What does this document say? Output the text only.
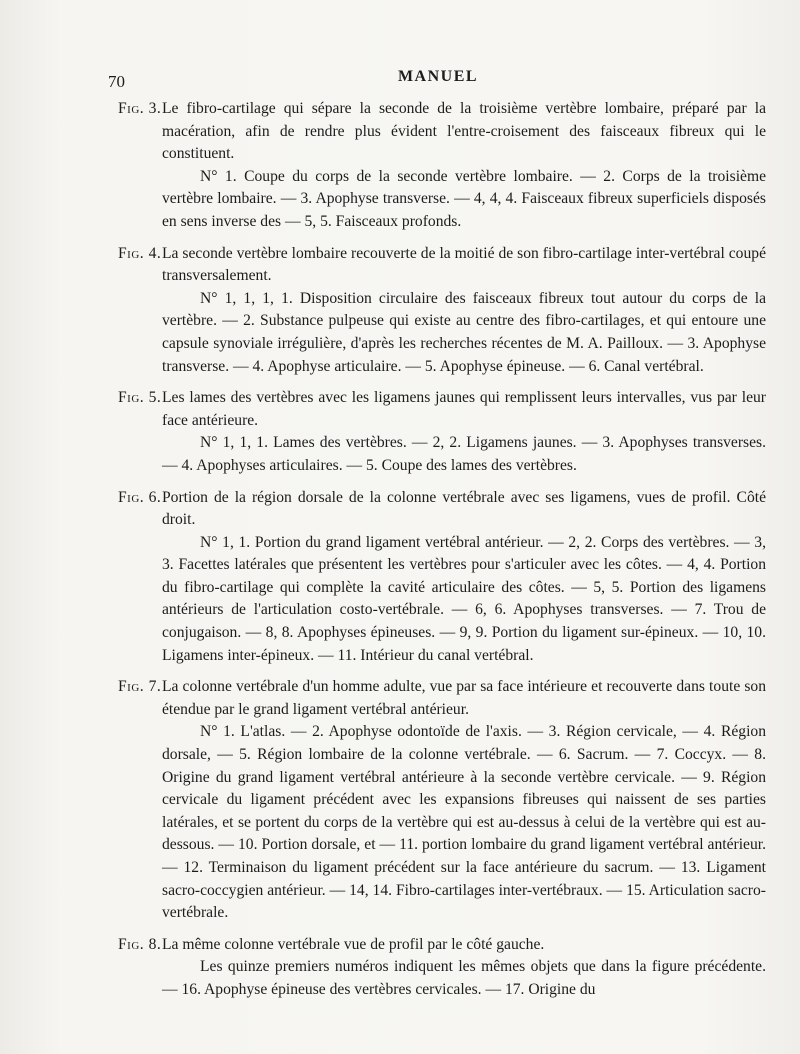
70	MANUEL

Fig. 3.Le fibro-cartilage qui sépare la seconde de la troisième vertèbre lombaire, préparé par la macération, afin de rendre plus évident l'entre-croisement des faisceaux fibreux qui le constituent.

N° 1. Coupe du corps de la seconde vertèbre lombaire. — 2. Corps de la troisième vertèbre lombaire. — 3. Apophyse transverse. — 4, 4, 4. Faisceaux fibreux superficiels disposés en sens inverse des — 5, 5. Faisceaux profonds.

Fig. 4.La seconde vertèbre lombaire recouverte de la moitié de son fibro-cartilage inter-vertébral coupé transversalement.

N° 1, 1, 1, 1. Disposition circulaire des faisceaux fibreux tout autour du corps de la vertèbre. — 2. Substance pulpeuse qui existe au centre des fibro-cartilages, et qui entoure une capsule synoviale irrégulière, d'après les recherches récentes de M. A. Pailloux. — 3. Apophyse transverse. — 4. Apophyse articulaire. — 5. Apophyse épineuse. — 6. Canal vertébral.

Fig. 5.Les lames des vertèbres avec les ligamens jaunes qui remplissent leurs intervalles, vus par leur face antérieure.

N° 1, 1, 1. Lames des vertèbres. — 2, 2. Ligamens jaunes. — 3. Apophyses transverses. — 4. Apophyses articulaires. — 5. Coupe des lames des vertèbres.

Fig. 6.Portion de la région dorsale de la colonne vertébrale avec ses ligamens, vues de profil. Côté droit.

N° 1, 1. Portion du grand ligament vertébral antérieur. — 2, 2. Corps des vertèbres. — 3, 3. Facettes latérales que présentent les vertèbres pour s'articuler avec les côtes. — 4, 4. Portion du fibro-cartilage qui complète la cavité articulaire des côtes. — 5, 5. Portion des ligamens antérieurs de l'articulation costo-vertébrale. — 6, 6. Apophyses transverses. — 7. Trou de conjugaison. — 8, 8. Apophyses épineuses. — 9, 9. Portion du ligament sur-épineux. — 10, 10. Ligamens inter-épineux. — 11. Intérieur du canal vertébral.

Fig. 7.La colonne vertébrale d'un homme adulte, vue par sa face intérieure et recouverte dans toute son étendue par le grand ligament vertébral antérieur.

N° 1. L'atlas. — 2. Apophyse odontoïde de l'axis. — 3. Région cervicale, — 4. Région dorsale, — 5. Région lombaire de la colonne vertébrale. — 6. Sacrum. — 7. Coccyx. — 8. Origine du grand ligament vertébral antérieure à la seconde vertèbre cervicale. — 9. Région cervicale du ligament précédent avec les expansions fibreuses qui naissent de ses parties latérales, et se portent du corps de la vertèbre qui est au-dessus à celui de la vertèbre qui est au-dessous. — 10. Portion dorsale, et — 11. portion lombaire du grand ligament vertébral antérieur. — 12. Terminaison du ligament précédent sur la face antérieure du sacrum. — 13. Ligament sacro-coccygien antérieur. — 14, 14. Fibro-cartilages inter-vertébraux. — 15. Articulation sacro-vertébrale.

Fig. 8.La même colonne vertébrale vue de profil par le côté gauche.

Les quinze premiers numéros indiquent les mêmes objets que dans la figure précédente. — 16. Apophyse épineuse des vertèbres cervicales. — 17. Origine du
